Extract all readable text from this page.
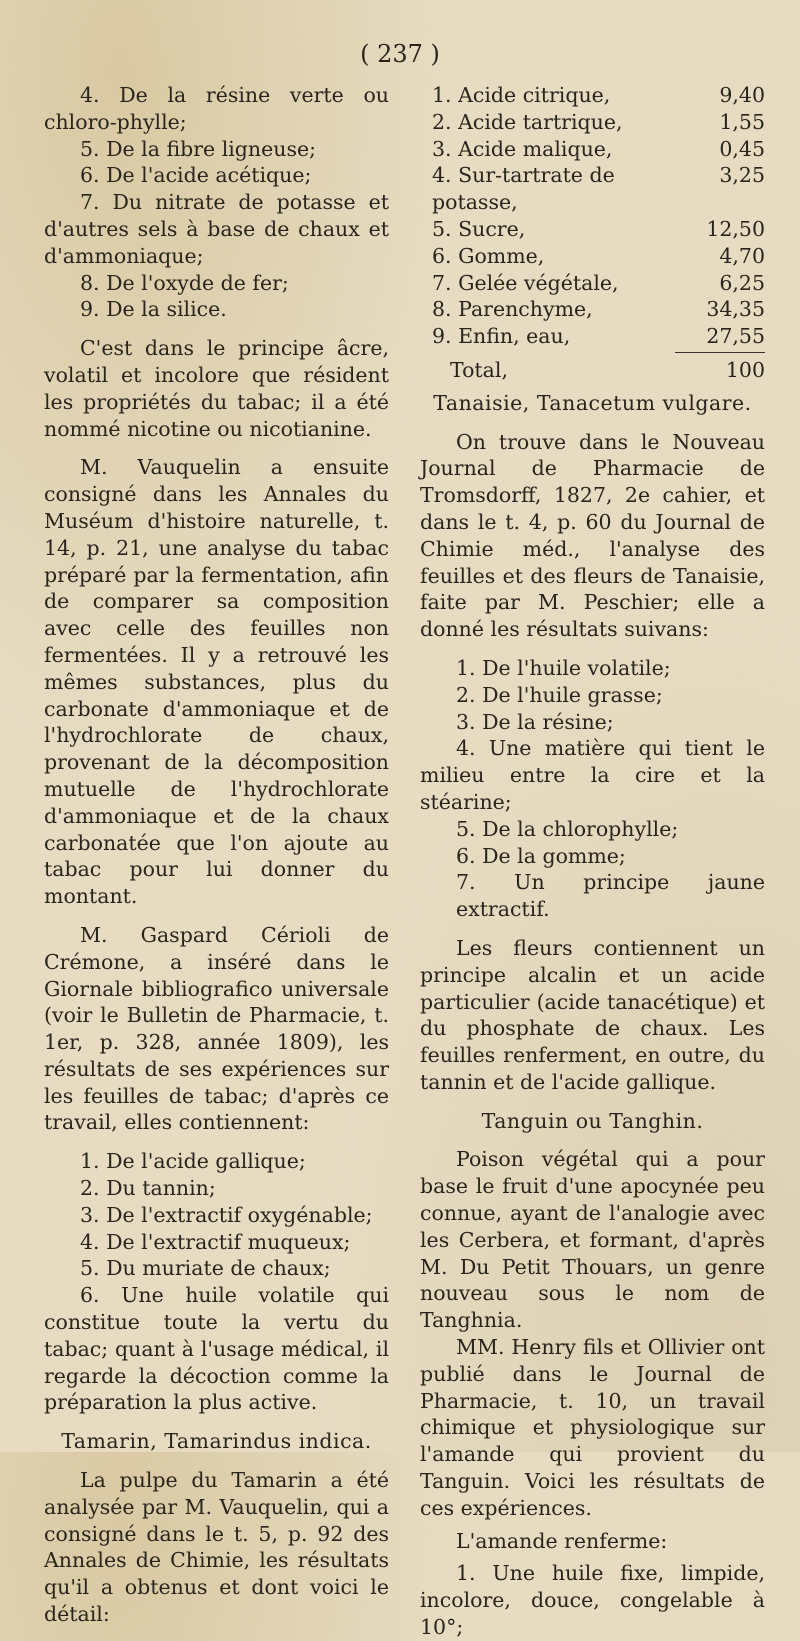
( 237 )

4. De la résine verte ou chloro-phylle;

5. De la fibre ligneuse;

6. De l'acide acétique;

7. Du nitrate de potasse et d'autres sels à base de chaux et d'ammoniaque;

8. De l'oxyde de fer;

9. De la silice.

C'est dans le principe âcre, volatil et incolore que résident les propriétés du tabac; il a été nommé nicotine ou nicotianine.

M. Vauquelin a ensuite consigné dans les Annales du Muséum d'histoire naturelle, t. 14, p. 21, une analyse du tabac préparé par la fermentation, afin de comparer sa composition avec celle des feuilles non fermentées. Il y a retrouvé les mêmes substances, plus du carbonate d'ammoniaque et de l'hydrochlorate de chaux, provenant de la décomposition mutuelle de l'hydrochlorate d'ammoniaque et de la chaux carbonatée que l'on ajoute au tabac pour lui donner du montant.

M. Gaspard Cérioli de Crémone, a inséré dans le Giornale bibliografico universale (voir le Bulletin de Pharmacie, t. 1er, p. 328, année 1809), les résultats de ses expériences sur les feuilles de tabac; d'après ce travail, elles contiennent:

1. De l'acide gallique;

2. Du tannin;

3. De l'extractif oxygénable;

4. De l'extractif muqueux;

5. Du muriate de chaux;

6. Une huile volatile qui constitue toute la vertu du tabac; quant à l'usage médical, il regarde la décoction comme la préparation la plus active.

Tamarin, Tamarindus indica.

La pulpe du Tamarin a été analysée par M. Vauquelin, qui a consigné dans le t. 5, p. 92 des Annales de Chimie, les résultats qu'il a obtenus et dont voici le détail:

1. Acide citrique,	9,40
2. Acide tartrique,	1,55
3. Acide malique,	0,45
4. Sur-tartrate de potasse,
3,25
5. Sucre,	12,50
6. Gomme,	4,70
7. Gelée végétale,	6,25
8. Parenchyme,	34,35
9. Enfin, eau,	27,55
Total,	100

Tanaisie, Tanacetum vulgare.

On trouve dans le Nouveau Journal de Pharmacie de Tromsdorff, 1827, 2e cahier, et dans le t. 4, p. 60 du Journal de Chimie méd., l'analyse des feuilles et des fleurs de Tanaisie, faite par M. Peschier; elle a donné les résultats suivans:

1. De l'huile volatile;

2. De l'huile grasse;

3. De la résine;

4. Une matière qui tient le milieu entre la cire et la stéarine;

5. De la chlorophylle;

6. De la gomme;

7. Un principe jaune extractif.

Les fleurs contiennent un principe alcalin et un acide particulier (acide tanacétique) et du phosphate de chaux. Les feuilles renferment, en outre, du tannin et de l'acide gallique.

Tanguin ou Tanghin.

Poison végétal qui a pour base le fruit d'une apocynée peu connue, ayant de l'analogie avec les Cerbera, et formant, d'après M. Du Petit Thouars, un genre nouveau sous le nom de Tanghnia.

MM. Henry fils et Ollivier ont publié dans le Journal de Pharmacie, t. 10, un travail chimique et physiologique sur l'amande qui provient du Tanguin. Voici les résultats de ces expériences.

L'amande renferme:

1. Une huile fixe, limpide, incolore, douce, congelable à 10°;
